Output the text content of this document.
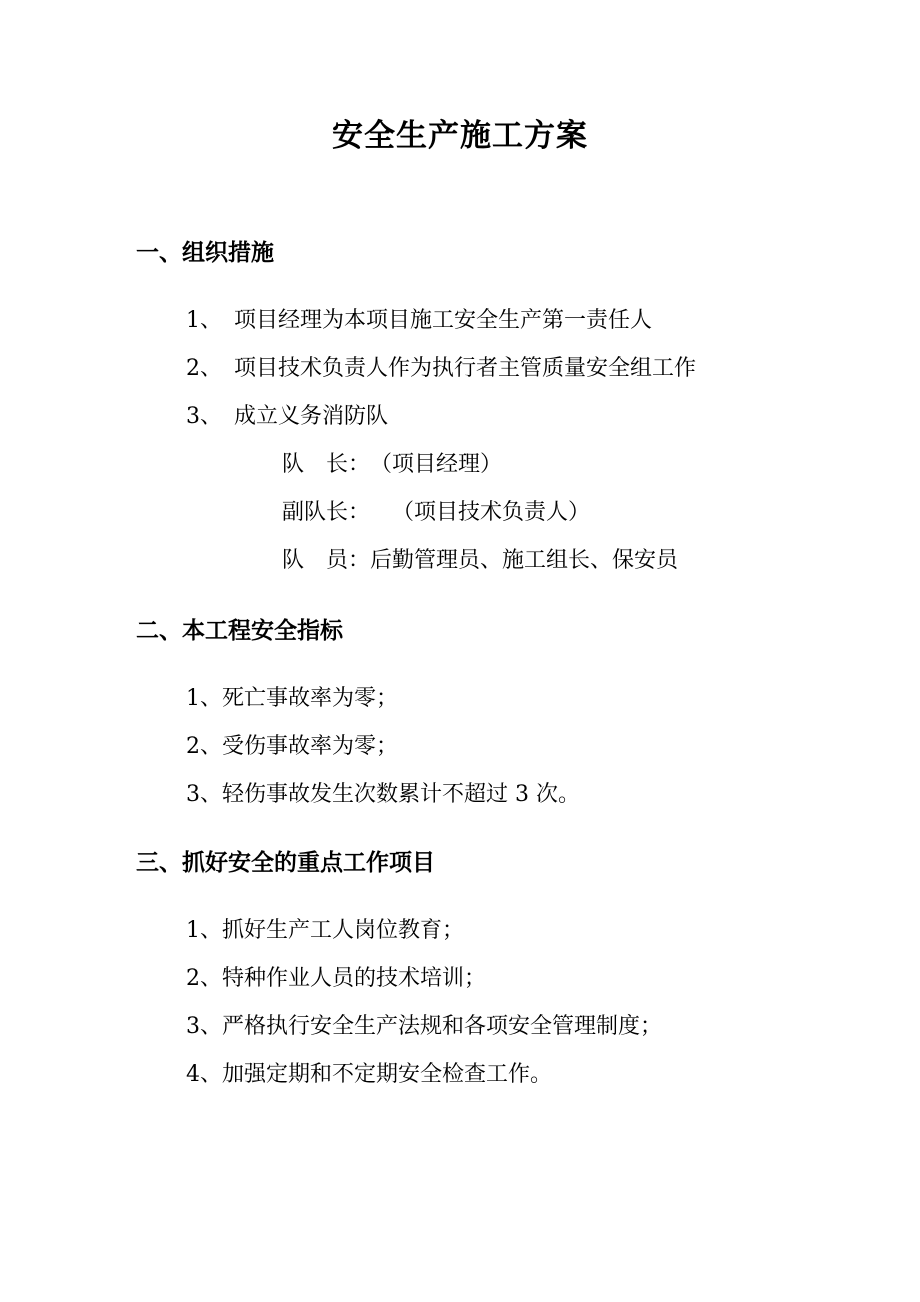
安全生产施工方案
一、组织措施
1、 项目经理为本项目施工安全生产第一责任人
2、 项目技术负责人作为执行者主管质量安全组工作
3、 成立义务消防队
队　长：（项目经理）
副队长： （项目技术负责人）
队　员：后勤管理员、施工组长、保安员
二、本工程安全指标
1、死亡事故率为零；
2、受伤事故率为零；
3、轻伤事故发生次数累计不超过 3 次。
三、抓好安全的重点工作项目
1、抓好生产工人岗位教育；
2、特种作业人员的技术培训；
3、严格执行安全生产法规和各项安全管理制度；
4、加强定期和不定期安全检查工作。
